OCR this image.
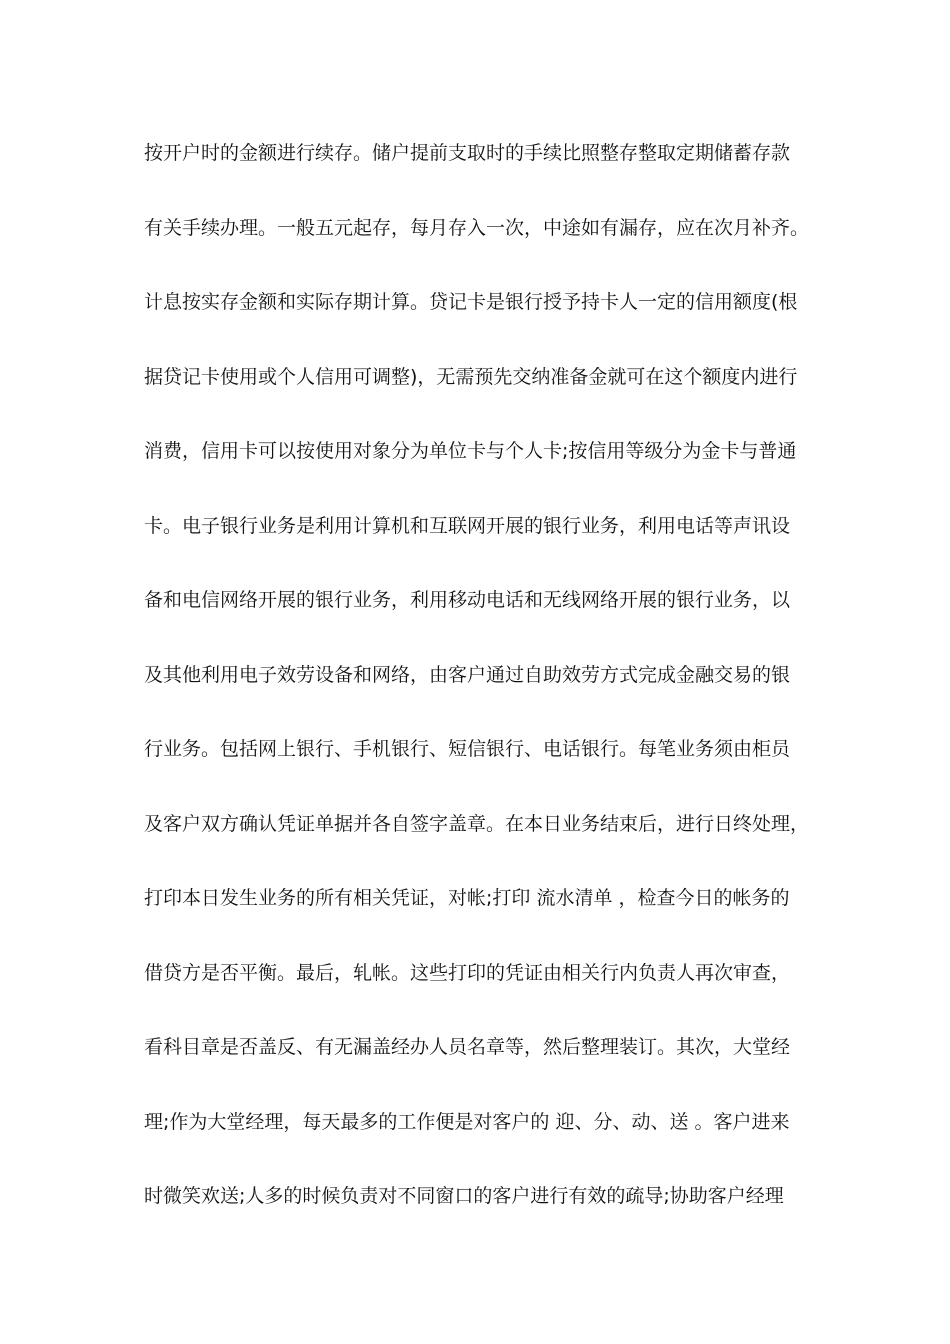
按开户时的金额进行续存。储户提前支取时的手续比照整存整取定期储蓄存款
有关手续办理。一般五元起存，每月存入一次，中途如有漏存，应在次月补齐。
计息按实存金额和实际存期计算。贷记卡是银行授予持卡人一定的信用额度(根
据贷记卡使用或个人信用可调整)，无需预先交纳准备金就可在这个额度内进行
消费，信用卡可以按使用对象分为单位卡与个人卡;按信用等级分为金卡与普通
卡。电子银行业务是利用计算机和互联网开展的银行业务，利用电话等声讯设
备和电信网络开展的银行业务，利用移动电话和无线网络开展的银行业务，以
及其他利用电子效劳设备和网络，由客户通过自助效劳方式完成金融交易的银
行业务。包括网上银行、手机银行、短信银行、电话银行。每笔业务须由柜员
及客户双方确认凭证单据并各自签字盖章。在本日业务结束后，进行日终处理，
打印本日发生业务的所有相关凭证，对帐;打印 流水清单 ，检查今日的帐务的
借贷方是否平衡。最后，轧帐。这些打印的凭证由相关行内负责人再次审查，
看科目章是否盖反、有无漏盖经办人员名章等，然后整理装订。其次，大堂经
理;作为大堂经理，每天最多的工作便是对客户的 迎、分、动、送 。客户进来
时微笑欢送;人多的时候负责对不同窗口的客户进行有效的疏导;协助客户经理
